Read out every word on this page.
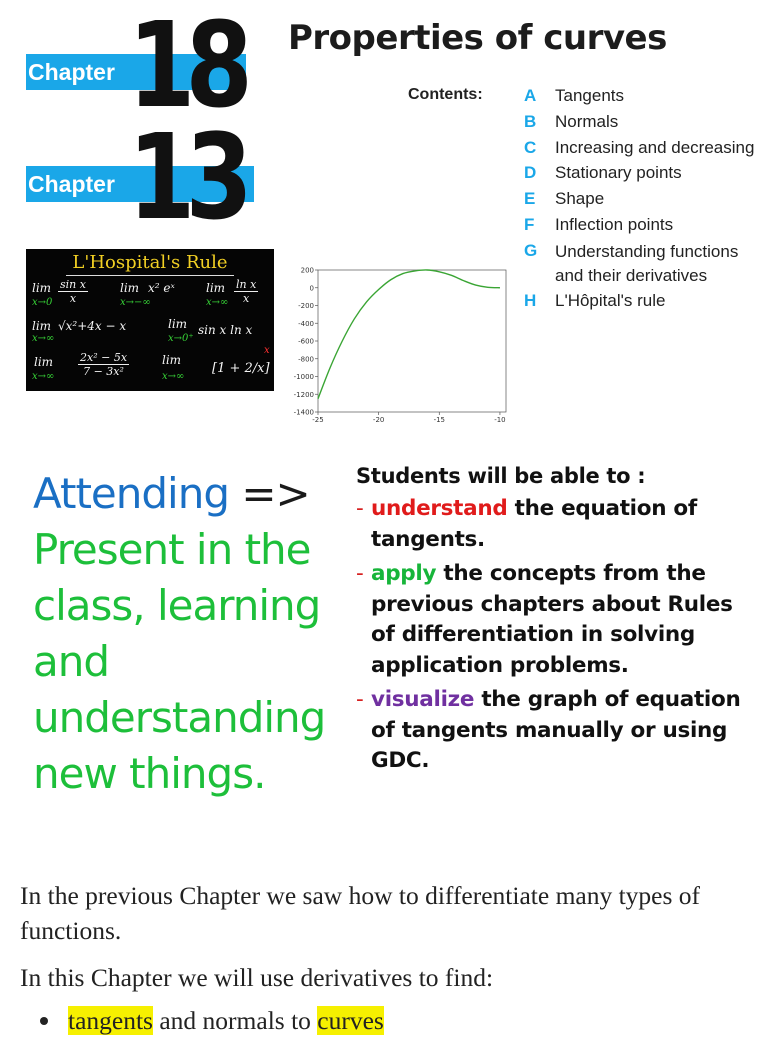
Chapter 18
Chapter 13
Properties of curves
Contents: A	Tangents
B	Normals
C	Increasing and decreasing
D	Stationary points
E	Shape
F	Inflection points
G	Understanding functions and their derivatives
H	L'Hôpital's rule
L'Hospital's Rule
$\lim \frac{\text{sin x}}{x}$
x→0
lim x² eˣ
x→−∞
$\lim \frac{\text{ln x}}{x}$
x→∞
lim √x²+4x − x
x→∞
lim sin x ln x
x→0⁺
$\lim \frac{\text{2x² − 5x}}{\text{7 − 3x²}}$
x→∞
lim
x→∞
[1 + 2/x]
x
200
0
-200
-400
-600
-800
-1000
-1200
-1400
-25	-20	-15	-10
Attending =>
Present in the class, learning and understanding new things.
Students will be able to :
- understand the equation of tangents.
- apply the concepts from the previous chapters about Rules of differentiation in solving application problems.
- visualize the graph of equation of tangents manually or using GDC.

In the previous Chapter we saw how to differentiate many types of functions.

In this Chapter we will use derivatives to find:

tangents and normals to curves
